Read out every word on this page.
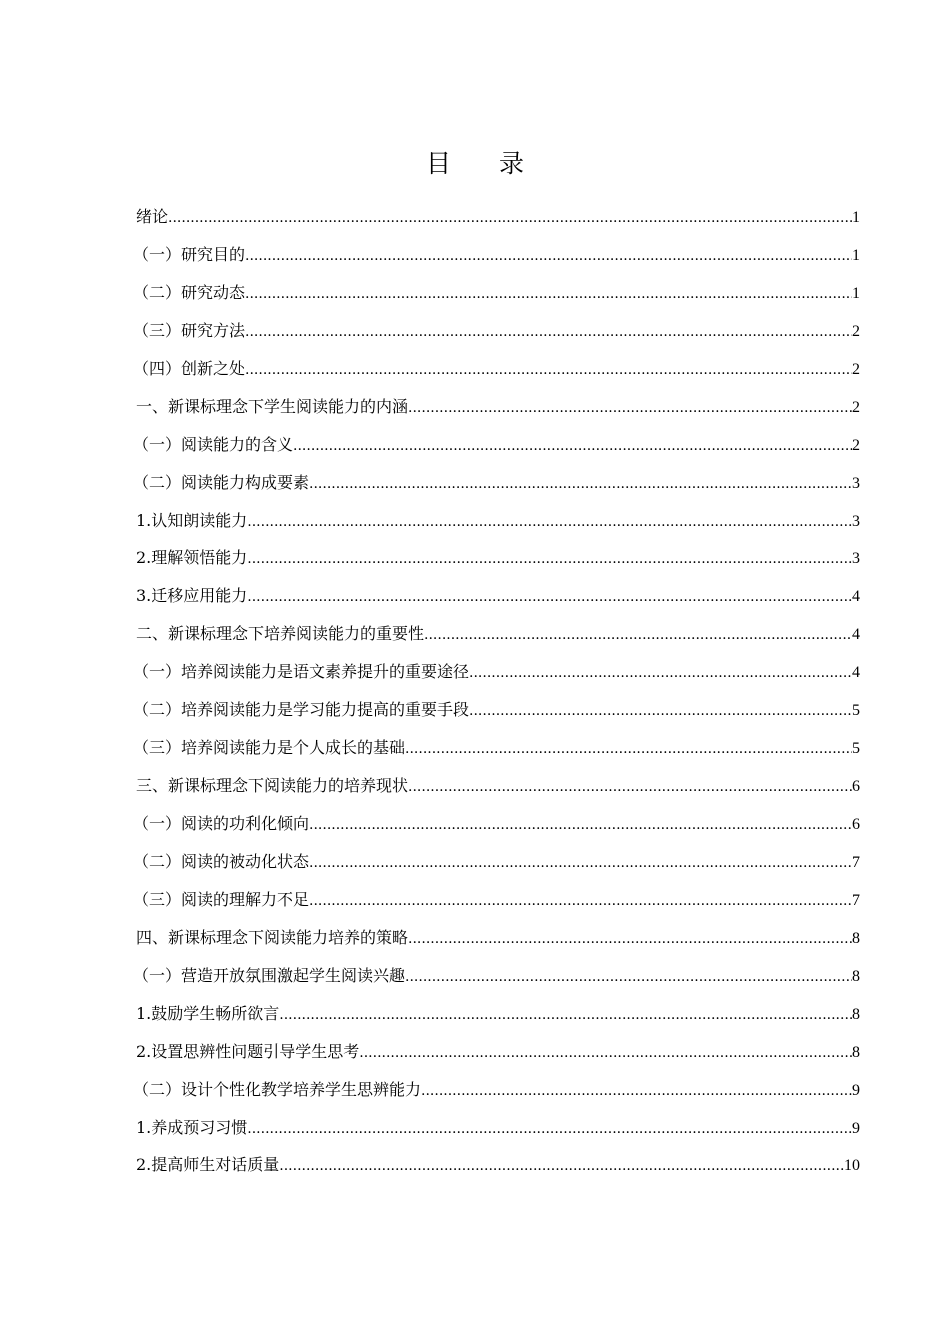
目 录
绪论 .....	1
（一）研究目的 .....	1
（二）研究动态 .....	1
（三）研究方法 .....	2
（四）创新之处 .....	2
一、新课标理念下学生阅读能力的内涵 .....	2
（一）阅读能力的含义 .....	2
（二）阅读能力构成要素 .....	3
1.认知朗读能力 .....	3
2.理解领悟能力 .....	3
3.迁移应用能力 .....	4
二、新课标理念下培养阅读能力的重要性 .....	4
（一）培养阅读能力是语文素养提升的重要途径 .....	4
（二）培养阅读能力是学习能力提高的重要手段 .....	5
（三）培养阅读能力是个人成长的基础 .....	5
三、新课标理念下阅读能力的培养现状 .....	6
（一）阅读的功利化倾向 .....	6
（二）阅读的被动化状态 .....	7
（三）阅读的理解力不足 .....	7
四、新课标理念下阅读能力培养的策略 .....	8
（一）营造开放氛围激起学生阅读兴趣 .....	8
1.鼓励学生畅所欲言 .....	8
2.设置思辨性问题引导学生思考 .....	8
（二）设计个性化教学培养学生思辨能力 .....	9
1.养成预习习惯 .....	9
2.提高师生对话质量 .....	10
